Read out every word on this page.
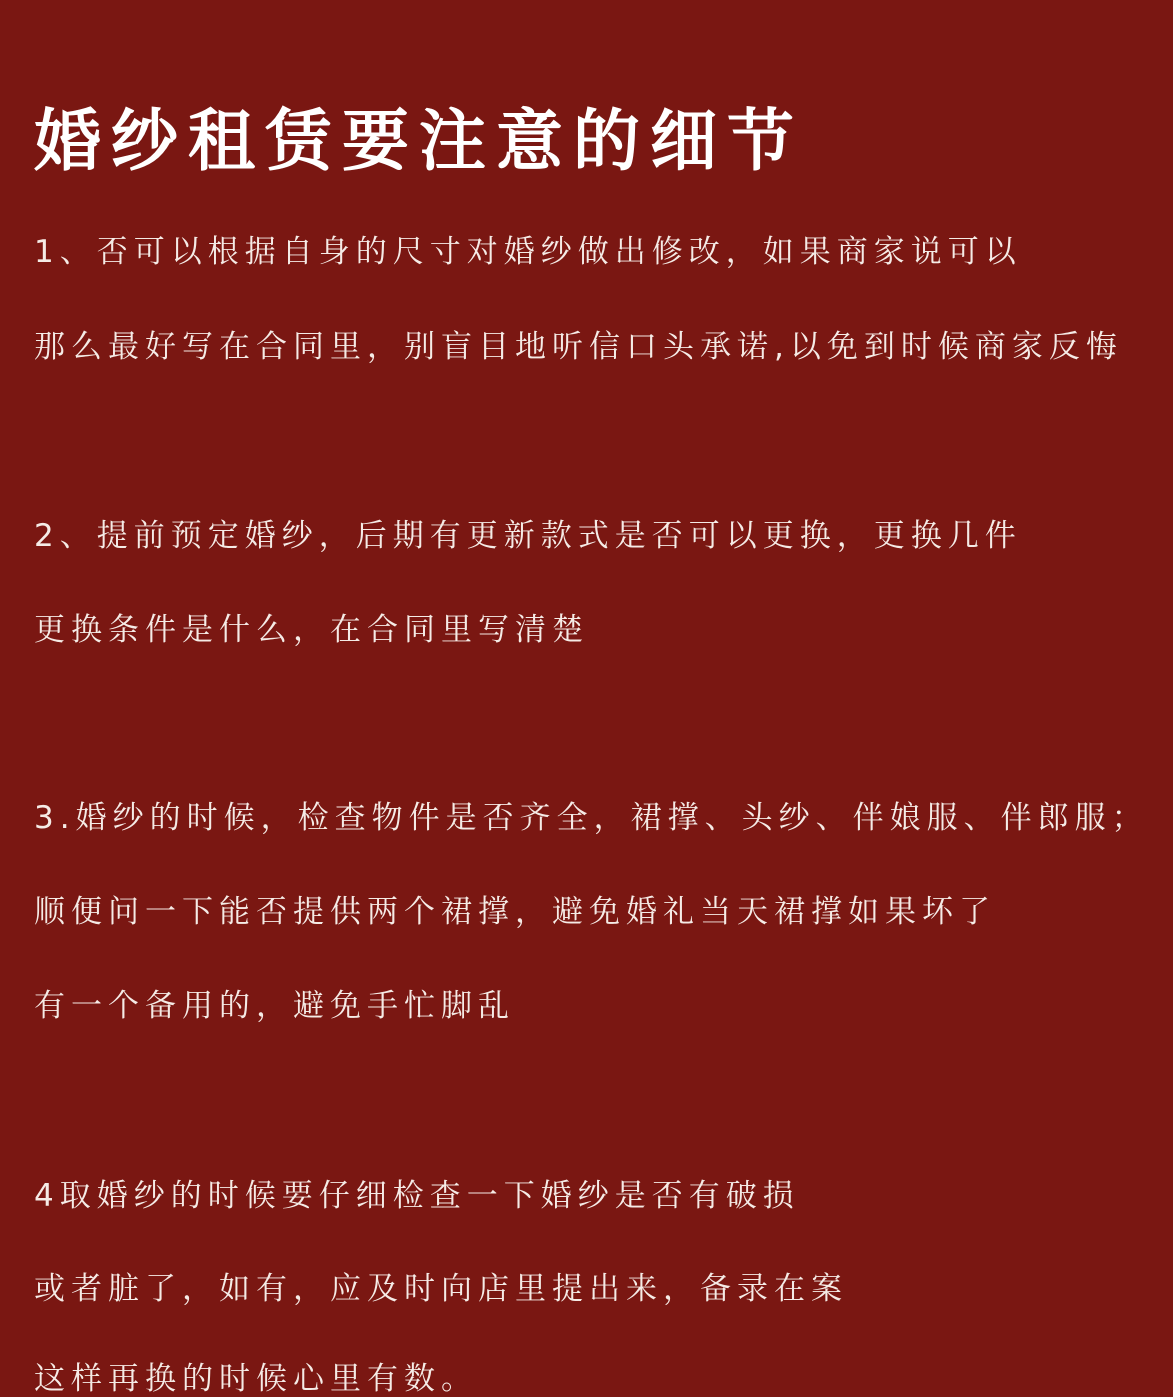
婚纱租赁要注意的细节
1、否可以根据自身的尺寸对婚纱做出修改，如果商家说可以
那么最好写在合同里，别盲目地听信口头承诺,以免到时候商家反悔
2、提前预定婚纱，后期有更新款式是否可以更换，更换几件
更换条件是什么，在合同里写清楚
3.婚纱的时候，检查物件是否齐全，裙撑、头纱、伴娘服、伴郎服；
顺便问一下能否提供两个裙撑，避免婚礼当天裙撑如果坏了
有一个备用的，避免手忙脚乱
4取婚纱的时候要仔细检查一下婚纱是否有破损
或者脏了，如有，应及时向店里提出来，备录在案
这样再换的时候心里有数。
